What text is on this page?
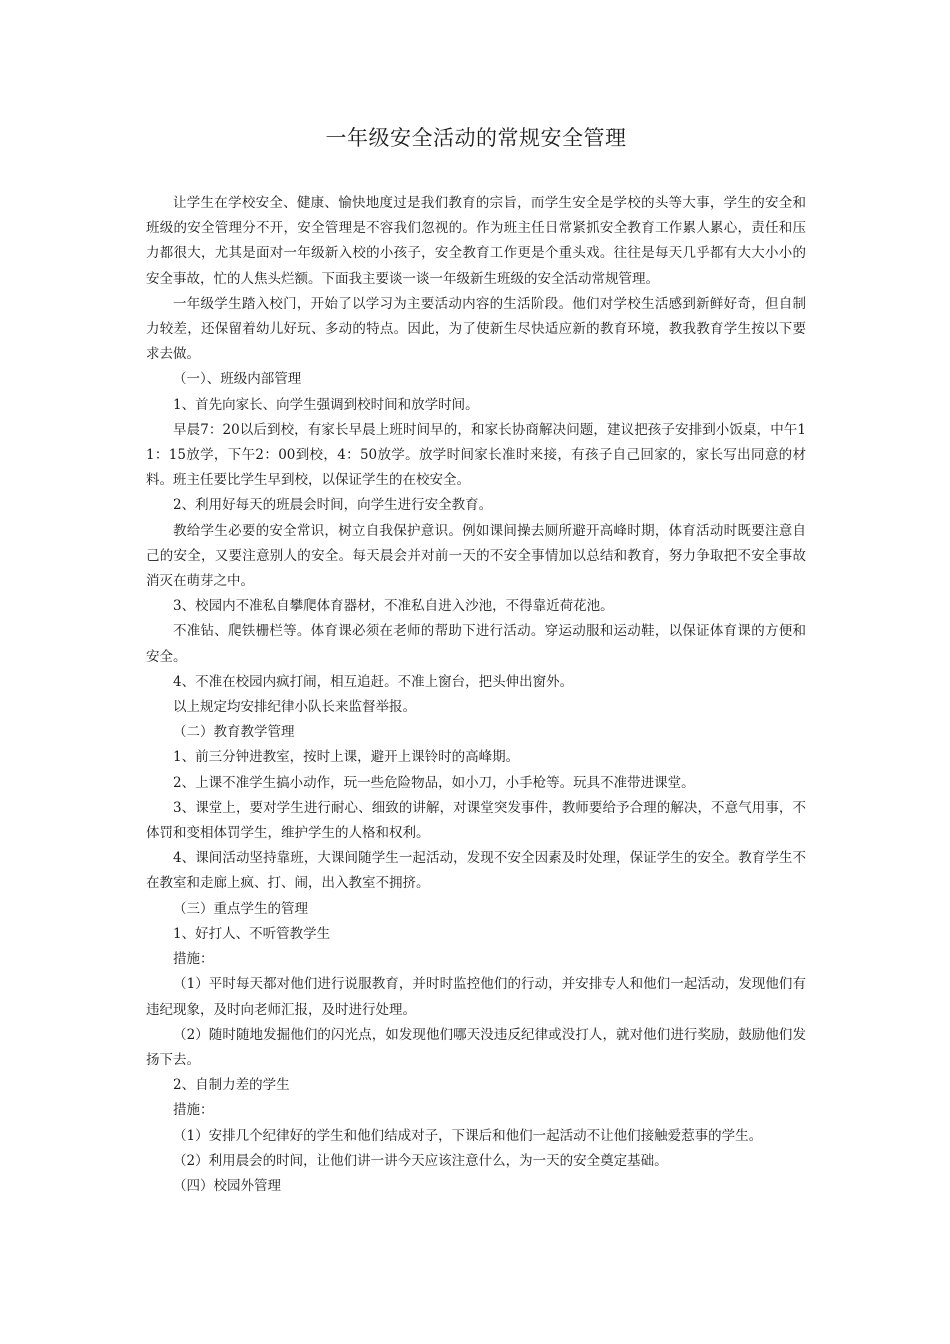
一年级安全活动的常规安全管理

让学生在学校安全、健康、愉快地度过是我们教育的宗旨，而学生安全是学校的头等大事，学生的安全和班级的安全管理分不开，安全管理是不容我们忽视的。作为班主任日常紧抓安全教育工作累人累心，责任和压力都很大，尤其是面对一年级新入校的小孩子，安全教育工作更是个重头戏。往往是每天几乎都有大大小小的安全事故，忙的人焦头烂额。下面我主要谈一谈一年级新生班级的安全活动常规管理。

一年级学生踏入校门，开始了以学习为主要活动内容的生活阶段。他们对学校生活感到新鲜好奇，但自制力较差，还保留着幼儿好玩、多动的特点。因此，为了使新生尽快适应新的教育环境，教我教育学生按以下要求去做。

（一）、班级内部管理

1、首先向家长、向学生强调到校时间和放学时间。

早晨7：20以后到校，有家长早晨上班时间早的，和家长协商解决问题，建议把孩子安排到小饭桌，中午11：15放学，下午2：00到校，4：50放学。放学时间家长准时来接，有孩子自己回家的，家长写出同意的材料。班主任要比学生早到校，以保证学生的在校安全。

2、利用好每天的班晨会时间，向学生进行安全教育。

教给学生必要的安全常识，树立自我保护意识。例如课间操去厕所避开高峰时期，体育活动时既要注意自己的安全，又要注意别人的安全。每天晨会并对前一天的不安全事情加以总结和教育，努力争取把不安全事故消灭在萌芽之中。

3、校园内不准私自攀爬体育器材，不准私自进入沙池，不得靠近荷花池。

不准钻、爬铁栅栏等。体育课必须在老师的帮助下进行活动。穿运动服和运动鞋，以保证体育课的方便和安全。

4、不准在校园内疯打闹，相互追赶。不准上窗台，把头伸出窗外。

以上规定均安排纪律小队长来监督举报。

（二）教育教学管理

1、前三分钟进教室，按时上课，避开上课铃时的高峰期。

2、上课不准学生搞小动作，玩一些危险物品，如小刀，小手枪等。玩具不准带进课堂。

3、课堂上，要对学生进行耐心、细致的讲解，对课堂突发事件，教师要给予合理的解决，不意气用事，不体罚和变相体罚学生，维护学生的人格和权利。

4、课间活动坚持靠班，大课间随学生一起活动，发现不安全因素及时处理，保证学生的安全。教育学生不在教室和走廊上疯、打、闹，出入教室不拥挤。

（三）重点学生的管理

1、好打人、不听管教学生

措施：

（1）平时每天都对他们进行说服教育，并时时监控他们的行动，并安排专人和他们一起活动，发现他们有违纪现象，及时向老师汇报，及时进行处理。

（2）随时随地发掘他们的闪光点，如发现他们哪天没违反纪律或没打人，就对他们进行奖励，鼓励他们发扬下去。

2、自制力差的学生

措施：

（1）安排几个纪律好的学生和他们结成对子，下课后和他们一起活动不让他们接触爱惹事的学生。

（2）利用晨会的时间，让他们讲一讲今天应该注意什么，为一天的安全奠定基础。

（四）校园外管理
